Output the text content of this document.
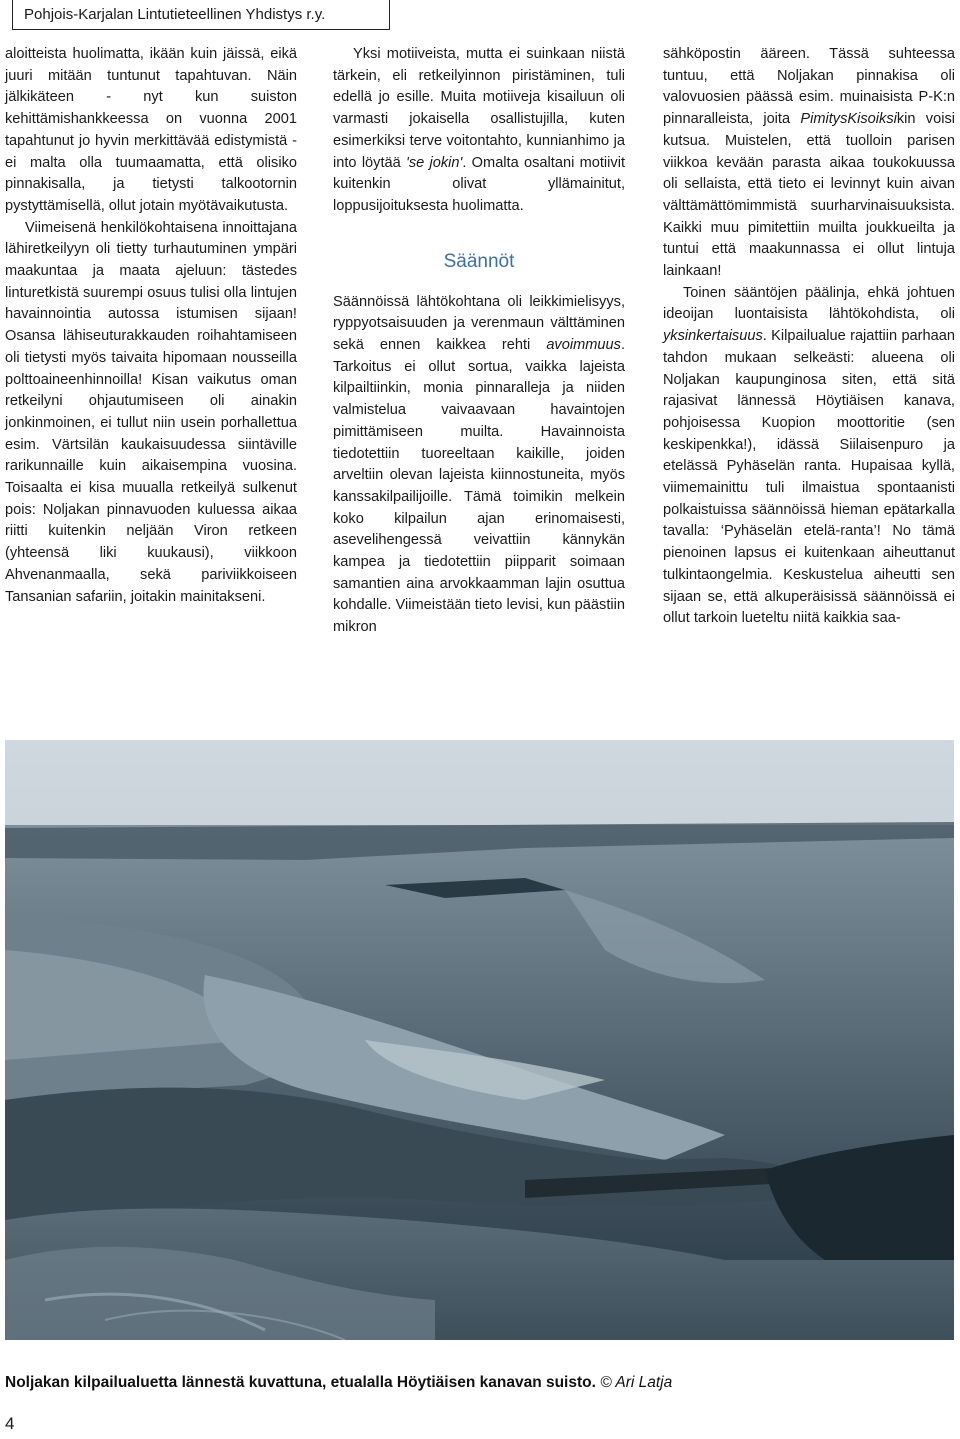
Pohjois-Karjalan Lintutieteellinen Yhdistys r.y.

aloitteista huolimatta, ikään kuin jäissä, eikä juuri mitään tuntunut tapahtuvan. Näin jälkikäteen - nyt kun suiston kehittämishankkeessa on vuonna 2001 tapahtunut jo hyvin merkittävää edistymistä - ei malta olla tuumaamatta, että olisiko pinnakisalla, ja tietysti talkootornin pystyttämisellä, ollut jotain myötävaikutusta.

Viimeisenä henkilökohtaisena innoittajana lähiretkeilyyn oli tietty turhautuminen ympäri maakuntaa ja maata ajeluun: tästedes linturetkistä suurempi osuus tulisi olla lintujen havainnointia autossa istumisen sijaan! Osansa lähiseuturakkauden roihahtamiseen oli tietysti myös taivaita hipomaan nousseilla polttoaineenhinnoilla! Kisan vaikutus oman retkeilyni ohjautumiseen oli ainakin jonkinmoinen, ei tullut niin usein porhallettua esim. Värtsilän kaukaisuudessa siintäville rarikunnaille kuin aikaisempina vuosina. Toisaalta ei kisa muualla retkeilyä sulkenut pois: Noljakan pinnavuoden kuluessa aikaa riitti kuitenkin neljään Viron retkeen (yhteensä liki kuukausi), viikkoon Ahvenanmaalla, sekä pariviikkoiseen Tansanian safariin, joitakin mainitakseni.

Yksi motiiveista, mutta ei suinkaan niistä tärkein, eli retkeilyinnon piristäminen, tuli edellä jo esille. Muita motiiveja kisailuun oli varmasti jokaisella osallistujilla, kuten esimerkiksi terve voitontahto, kunnianhimo ja into löytää 'se jokin'. Omalta osaltani motiivit kuitenkin olivat yllämainitut, loppusijoituksesta huolimatta.

Säännöt

Säännöissä lähtökohtana oli leikkimielisyys, ryppyotsaisuuden ja verenmaun välttäminen sekä ennen kaikkea rehti avoimmuus. Tarkoitus ei ollut sortua, vaikka lajeista kilpailtiinkin, monia pinnaralleja ja niiden valmistelua vaivaavaan havaintojen pimittämiseen muilta. Havainnoista tiedotettiin tuoreeltaan kaikille, joiden arveltiin olevan lajeista kiinnostuneita, myös kanssakilpailijoille. Tämä toimikin melkein koko kilpailun ajan erinomaisesti, asevelihengessä veivattiin kännykän kampea ja tiedotettiin piipparit soimaan samantien aina arvokkaamman lajin osuttua kohdalle. Viimeistään tieto levisi, kun päästiin mikron

sähköpostin ääreen. Tässä suhteessa tuntuu, että Noljakan pinnakisa oli valovuosien päässä esim. muinaisista P-K:n pinnaralleista, joita PimitysKisoiksikin voisi kutsua. Muistelen, että tuolloin parisen viikkoa kevään parasta aikaa toukokuussa oli sellaista, että tieto ei levinnyt kuin aivan välttämättömimmistä suurharvinaisuuksista. Kaikki muu pimitettiin muilta joukkueilta ja tuntui että maakunnassa ei ollut lintuja lainkaan!

Toinen sääntöjen päälinja, ehkä johtuen ideoijan luontaisista lähtökohdista, oli yksinkertaisuus. Kilpailualue rajattiin parhaan tahdon mukaan selkeästi: alueena oli Noljakan kaupunginosa siten, että sitä rajasivat lännessä Höytiäisen kanava, pohjoisessa Kuopion moottoritie (sen keskipenkka!), idässä Siilaisenpuro ja etelässä Pyhäselän ranta. Hupaisaa kyllä, viimemainittu tuli ilmaistua spontaanisti polkaistuissa säännöissä hieman epätarkalla tavalla: ‘Pyhäselän etelä-ranta’! No tämä pienoinen lapsus ei kuitenkaan aiheuttanut tulkintaongelmia. Keskustelua aiheutti sen sijaan se, että alkuperäisissä säännöissä ei ollut tarkoin lueteltu niitä kaikkia saa-

Noljakan kilpailualuetta lännestä kuvattuna, etualalla Höytiäisen kanavan suisto. © Ari Latja
4
